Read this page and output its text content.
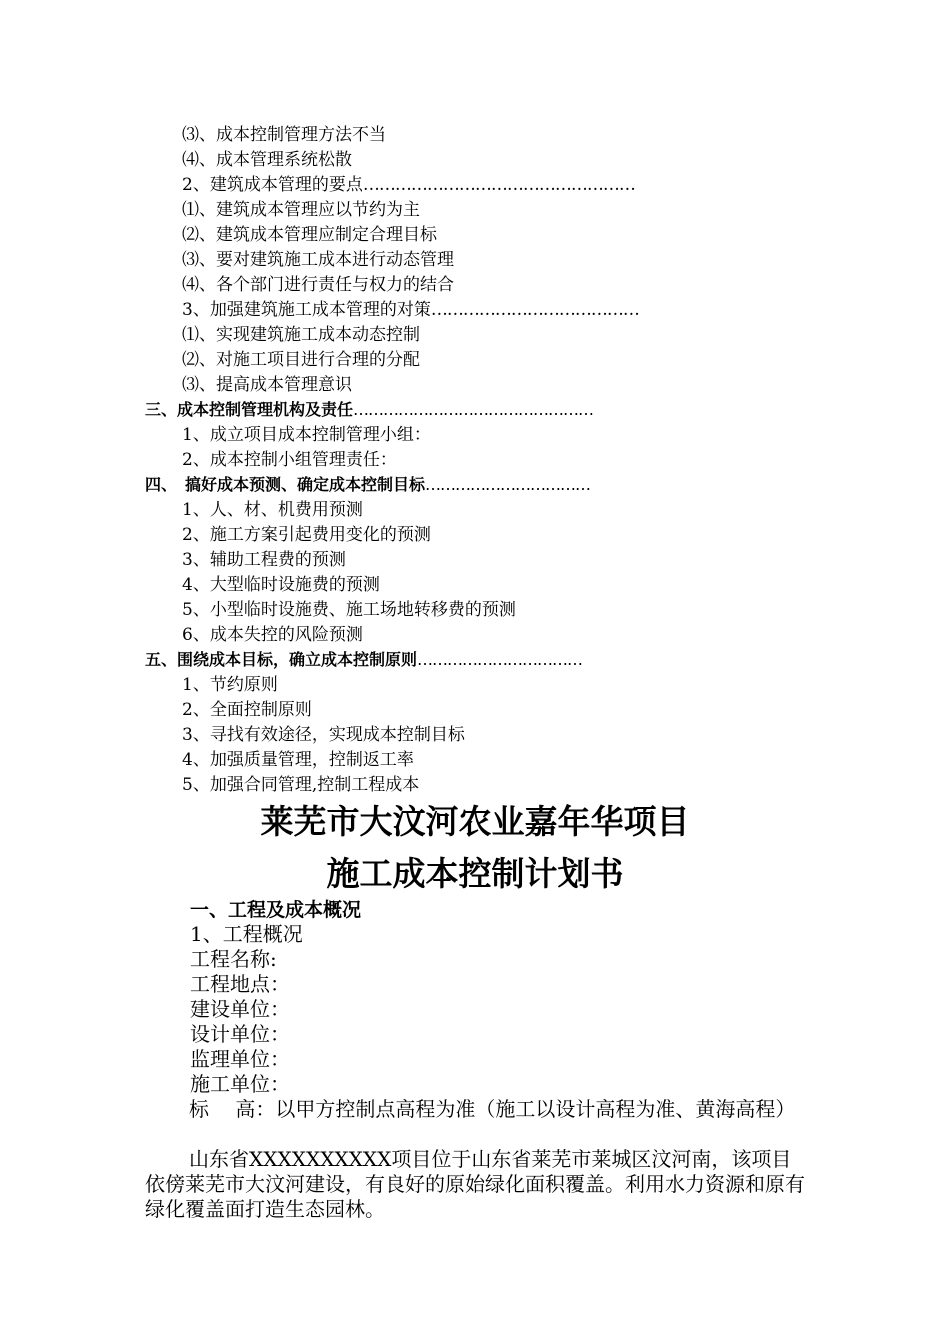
⑶、成本控制管理方法不当
⑷、成本管理系统松散
2、建筑成本管理的要点……………………………………………
⑴、建筑成本管理应以节约为主
⑵、建筑成本管理应制定合理目标
⑶、要对建筑施工成本进行动态管理
⑷、各个部门进行责任与权力的结合
3、加强建筑施工成本管理的对策…………………………………
⑴、实现建筑施工成本动态控制
⑵、对施工项目进行合理的分配
⑶、提高成本管理意识
三、成本控制管理机构及责任…………………………………………
1、成立项目成本控制管理小组：
2、成本控制小组管理责任：
四、　搞好成本预测、确定成本控制目标……………………………
1、人、材、机费用预测
2、施工方案引起费用变化的预测
3、辅助工程费的预测
4、大型临时设施费的预测
5、小型临时设施费、施工场地转移费的预测
6、成本失控的风险预测
五、围绕成本目标，确立成本控制原则……………………………
1、节约原则
2、全面控制原则
3、寻找有效途径，实现成本控制目标
4、加强质量管理，控制返工率
5、加强合同管理,控制工程成本
莱芜市大汶河农业嘉年华项目
施工成本控制计划书
一、工程及成本概况
1、工程概况
工程名称:
工程地点：
建设单位：
设计单位：
监理单位：
施工单位：
标　 高：以甲方控制点高程为准（施工以设计高程为准、黄海高程）
山东省XXXXXXXXXX项目位于山东省莱芜市莱城区汶河南，该项目依傍莱芜市大汶河建设，有良好的原始绿化面积覆盖。利用水力资源和原有绿化覆盖面打造生态园林。
